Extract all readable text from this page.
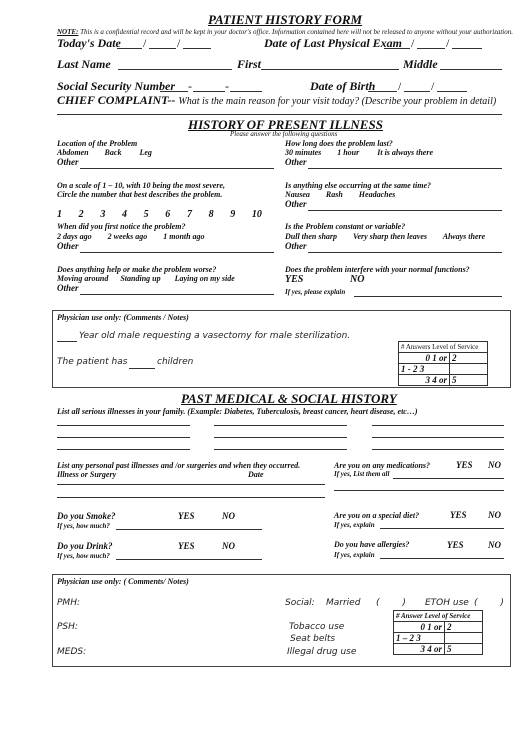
PATIENT HISTORY FORM
NOTE: This is a confidential record and will be kept in your doctor's office. Information contained here will not be released to anyone without your authorization.
Today's Date /	/	Date of Last Physical Exam /	/
Last Name	First	Middle
Social Security Number -	-	Date of Birth / /
CHIEF COMPLAINT-- What is the main reason for your visit today? (Describe your problem in detail)
HISTORY OF PRESENT ILLNESS
Please answer the following questions
Location of the Problem
Abdomen        Back         Leg
Other
On a scale of 1 – 10, with 10 being the most severe,
Circle the number that best describes the problem.
1 2 3 4 5 6 7 8 9 10
When did you first notice the problem?
2 days ago        2 weeks ago        1 month ago
Other
Does anything help or make the problem worse?
Moving around      Standing up       Laying on my side
Other
How long does the problem last?
30 minutes        1 hour         It is always there
Other
Is anything else occurring at the same time?
Nausea        Rash        Headaches
Other
Is the Problem constant or variable?
Dull then sharp        Very sharp then leaves        Always there
Other
Does the problem interfere with your normal functions?
YES	NO
If yes, please explain
Physician use only: (Comments / Notes)
Year old male requesting a vasectomy for male sterilization.
The patient has	children
# Answers Level of Service	
0 1 or	2
1 - 2 3	
3 4 or	5
PAST MEDICAL & SOCIAL HISTORY
List all serious illnesses in your family. (Example: Diabetes, Tuberculosis, breast cancer, heart disease, etc…)
List any personal past illnesses and /or surgeries and when they occurred.
Illness or Surgery	Date
Are you on any medications?	YES NO
If yes, List them all
Do you Smoke?	YES	NO
If yes, how much?
Are you on a special diet?	YES NO
If yes, explain
Do you Drink?	YES	NO
If yes, how much?
Do you have allergies?	YES	NO
If yes, explain
Physician use only: ( Comments/ Notes)
PMH:
PSH:
MEDS:
Social: Married (        ) ETOH use (        )
Tobacco use
Seat belts
Illegal drug use
# Answer Level of Service	
0 1 or	2
1 – 2 3	
3 4 or	5
